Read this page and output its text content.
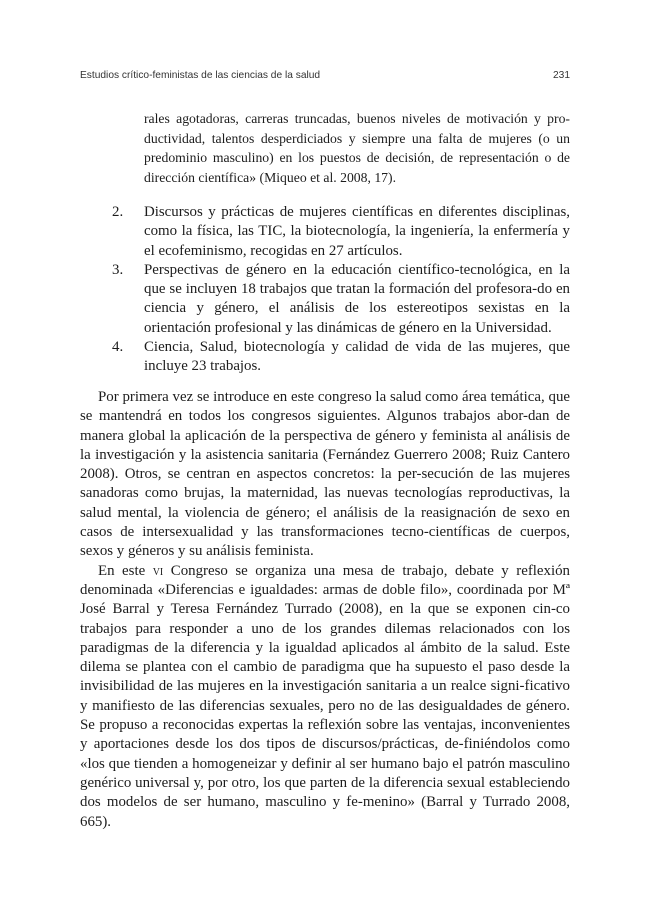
Estudios crítico-feministas de las ciencias de la salud	231
rales agotadoras, carreras truncadas, buenos niveles de motivación y pro-ductividad, talentos desperdiciados y siempre una falta de mujeres (o un predominio masculino) en los puestos de decisión, de representación o de dirección científica» (Miqueo et al. 2008, 17).
2.	Discursos y prácticas de mujeres científicas en diferentes disciplinas, como la física, las TIC, la biotecnología, la ingeniería, la enfermería y el ecofeminismo, recogidas en 27 artículos.
3.	Perspectivas de género en la educación científico-tecnológica, en la que se incluyen 18 trabajos que tratan la formación del profesora-do en ciencia y género, el análisis de los estereotipos sexistas en la orientación profesional y las dinámicas de género en la Universidad.
4.	Ciencia, Salud, biotecnología y calidad de vida de las mujeres, que incluye 23 trabajos.

Por primera vez se introduce en este congreso la salud como área temática, que se mantendrá en todos los congresos siguientes. Algunos trabajos abor-dan de manera global la aplicación de la perspectiva de género y feminista al análisis de la investigación y la asistencia sanitaria (Fernández Guerrero 2008; Ruiz Cantero 2008). Otros, se centran en aspectos concretos: la per-secución de las mujeres sanadoras como brujas, la maternidad, las nuevas tecnologías reproductivas, la salud mental, la violencia de género; el análisis de la reasignación de sexo en casos de intersexualidad y las transformaciones tecno-científicas de cuerpos, sexos y géneros y su análisis feminista.

En este vi Congreso se organiza una mesa de trabajo, debate y reflexión denominada «Diferencias e igualdades: armas de doble filo», coordinada por Mª José Barral y Teresa Fernández Turrado (2008), en la que se exponen cin-co trabajos para responder a uno de los grandes dilemas relacionados con los paradigmas de la diferencia y la igualdad aplicados al ámbito de la salud. Este dilema se plantea con el cambio de paradigma que ha supuesto el paso desde la invisibilidad de las mujeres en la investigación sanitaria a un realce signi-ficativo y manifiesto de las diferencias sexuales, pero no de las desigualdades de género. Se propuso a reconocidas expertas la reflexión sobre las ventajas, inconvenientes y aportaciones desde los dos tipos de discursos/prácticas, de-finiéndolos como «los que tienden a homogeneizar y definir al ser humano bajo el patrón masculino genérico universal y, por otro, los que parten de la diferencia sexual estableciendo dos modelos de ser humano, masculino y fe-menino» (Barral y Turrado 2008, 665).
